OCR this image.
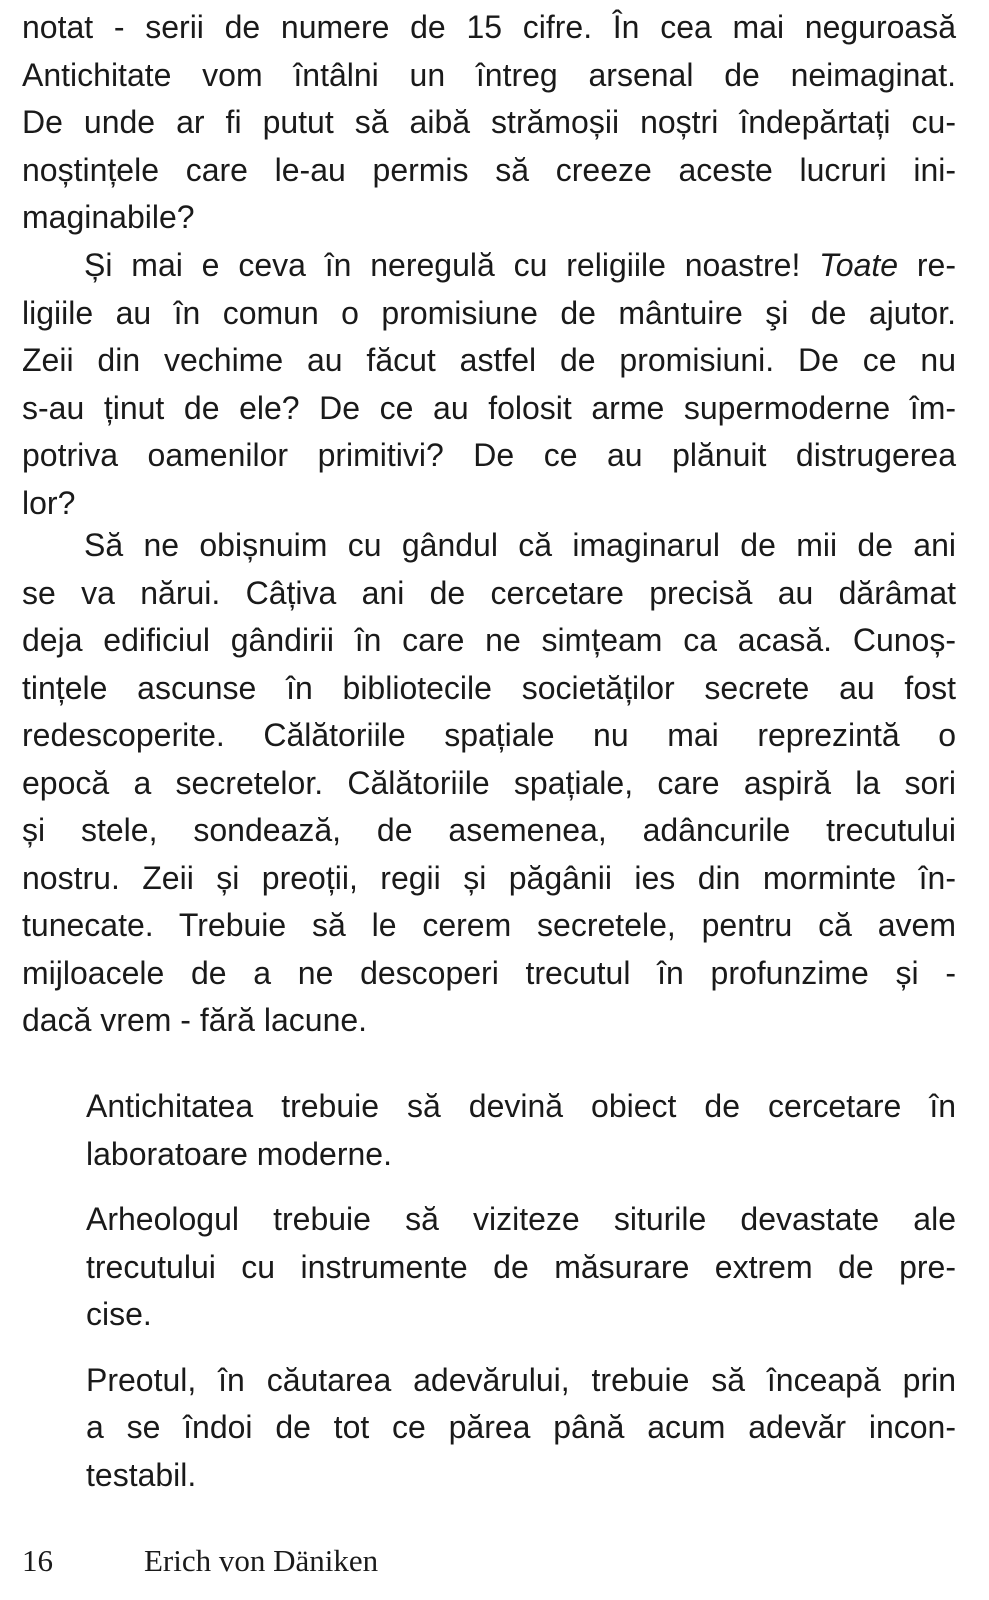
notat - serii de numere de 15 cifre. În cea mai neguroasă
Antichitate vom întâlni un întreg arsenal de neimaginat.
De unde ar fi putut să aibă strămoșii noștri îndepărtați cu-
noștințele care le-au permis să creeze aceste lucruri ini-
maginabile?
Și mai e ceva în neregulă cu religiile noastre! Toate re-
ligiile au în comun o promisiune de mântuire şi de ajutor.
Zeii din vechime au făcut astfel de promisiuni. De ce nu
s-au ținut de ele? De ce au folosit arme supermoderne îm-
potriva oamenilor primitivi? De ce au plănuit distrugerea
lor?
Să ne obișnuim cu gândul că imaginarul de mii de ani
se va nărui. Câțiva ani de cercetare precisă au dărâmat
deja edificiul gândirii în care ne simțeam ca acasă. Cunoș-
tințele ascunse în bibliotecile societăților secrete au fost
redescoperite. Călătoriile spațiale nu mai reprezintă o
epocă a secretelor. Călătoriile spațiale, care aspiră la sori
și stele, sondează, de asemenea, adâncurile trecutului
nostru. Zeii și preoții, regii și păgânii ies din morminte în-
tunecate. Trebuie să le cerem secretele, pentru că avem
mijloacele de a ne descoperi trecutul în profunzime și -
dacă vrem - fără lacune.
Antichitatea trebuie să devină obiect de cercetare în
laboratoare moderne.
Arheologul trebuie să viziteze siturile devastate ale
trecutului cu instrumente de măsurare extrem de pre-
cise.
Preotul, în căutarea adevărului, trebuie să înceapă prin
a se îndoi de tot ce părea până acum adevăr incon-
testabil.
16	Erich von Däniken
